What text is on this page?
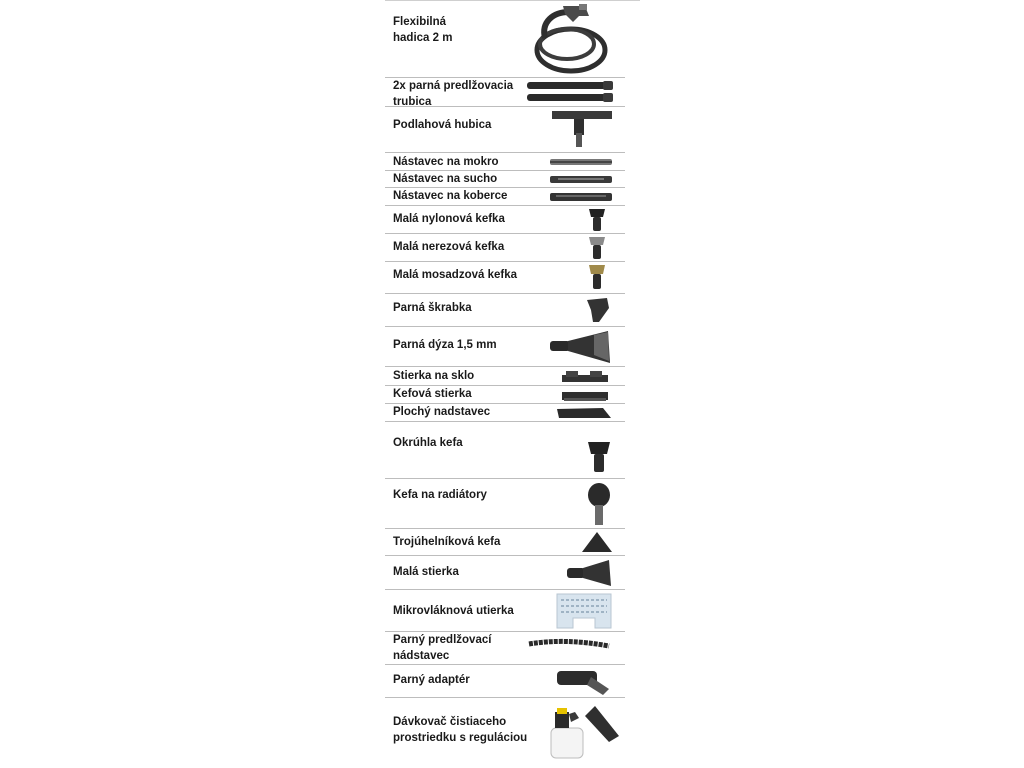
Flexibilná
hadica 2 m
2x parná predlžovacia
trubica
Podlahová hubica
Nástavec na mokro
Nástavec na sucho
Nástavec na koberce
Malá nylonová kefka
Malá nerezová kefka
Malá mosadzová kefka
Parná škrabka
Parná dýza 1,5 mm
Stierka na sklo
Kefová stierka
Plochý nadstavec
Okrúhla kefa
Kefa na radiátory
Trojúhelníková kefa
Malá stierka
Mikrovláknová utierka
Parný predlžovací
nádstavec
Parný adaptér
Dávkovač čistiaceho
prostriedku s reguláciou
